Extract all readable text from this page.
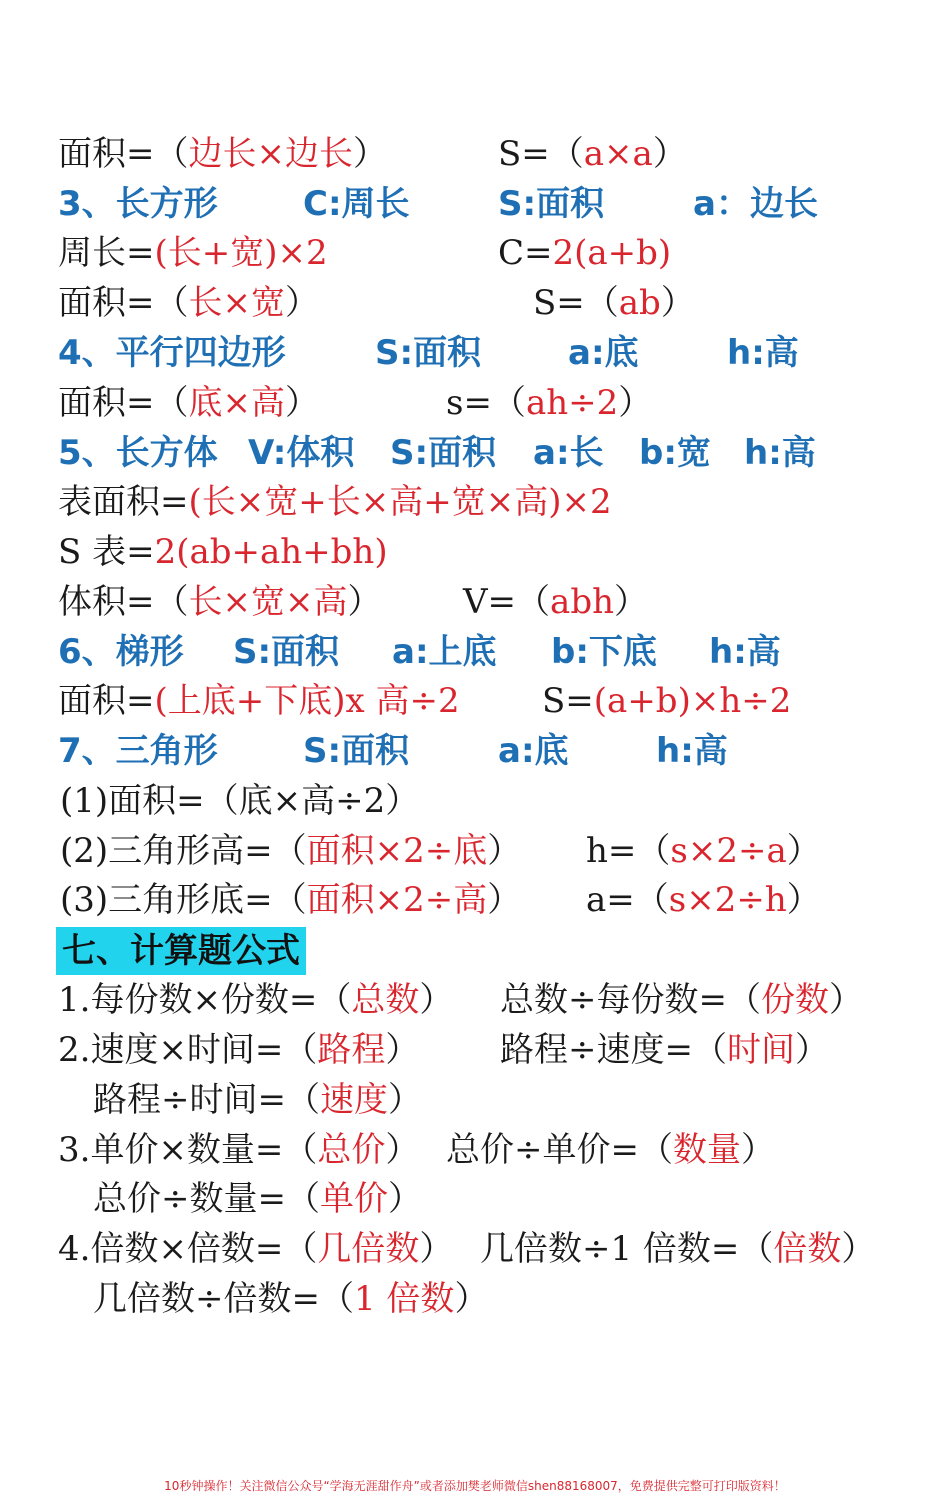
面积=（边长×边长）	S=（a×a）
3、长方形	C:周长	S:面积	a：边长
周长=(长+宽)×2	C=2(a+b)
面积=（长×宽）	S=（ab）
4、平行四边形	S:面积	a:底	h:高
面积=（底×高）	s=（ah÷2）
5、长方体 V:体积 S:面积 a:长 b:宽 h:高
表面积=(长×宽+长×高+宽×高)×2
S 表=2(ab+ah+bh)
体积=（长×宽×高） V=（abh）
6、梯形 S:面积 a:上底 b:下底 h:高
面积=(上底+下底)x 高÷2 S=(a+b)×h÷2
7、三角形	S:面积	a:底	h:高
(1)面积=（底×高÷2）
(2)三角形高=（面积×2÷底） h=（s×2÷a）
(3)三角形底=（面积×2÷高） a=（s×2÷h）
七、计算题公式
1.每份数×份数=（总数） 总数÷每份数=（份数）
2.速度×时间=（路程） 路程÷速度=（时间）
路程÷时间=（速度）
3.单价×数量=（总价） 总价÷单价=（数量）
总价÷数量=（单价）
4.倍数×倍数=（几倍数） 几倍数÷1 倍数=（倍数）
几倍数÷倍数=（1 倍数）
10秒钟操作！关注微信公众号“学海无涯甜作舟”或者添加樊老师微信shen88168007，免费提供完整可打印版资料！
